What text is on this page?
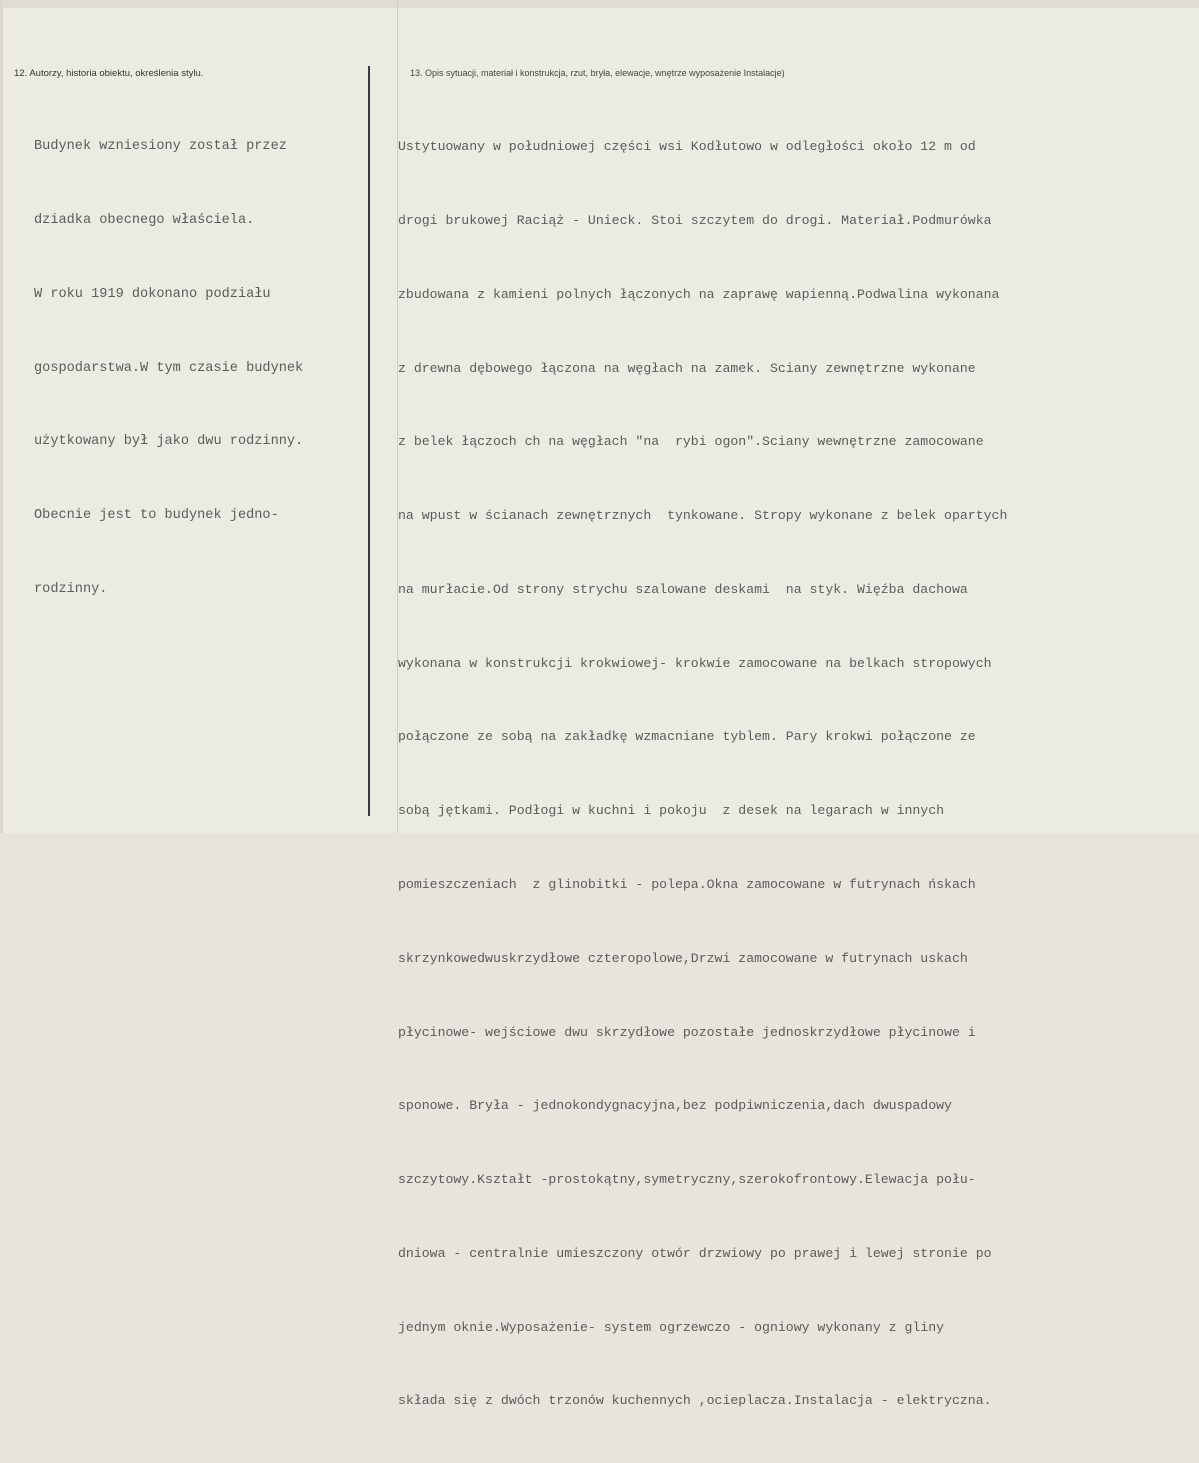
12. Autorzy, historia obiektu, określenia stylu.	13. Opis sytuacji, materiał i konstrukcja, rzut, bryła, elewacje, wnętrze wyposażenie Instalacje)

Budynek wzniesiony został przez

dziadka obecnego właściela.

W roku 1919 dokonano podziału

gospodarstwa.W tym czasie budynek

użytkowany był jako dwu rodzinny.

Obecnie jest to budynek jedno-

rodzinny.

Ustytuowany w południowej części wsi Kodłutowo w odległości około 12 m od

drogi brukowej Raciąż - Unieck. Stoi szczytem do drogi. Materiał.Podmurówka

zbudowana z kamieni polnych łączonych na zaprawę wapienną.Podwalina wykonana

z drewna dębowego łączona na węgłach na zamek. Sciany zewnętrzne wykonane

z belek łączoch ch na węgłach "na  rybi ogon".Sciany wewnętrzne zamocowane

na wpust w ścianach zewnętrznych  tynkowane. Stropy wykonane z belek opartych

na murłacie.Od strony strychu szalowane deskami  na styk. Więźba dachowa

wykonana w konstrukcji krokwiowej- krokwie zamocowane na belkach stropowych

połączone ze sobą na zakładkę wzmacniane tyblem. Pary krokwi połączone ze

sobą jętkami. Podłogi w kuchni i pokoju  z desek na legarach w innych

pomieszczeniach  z glinobitki - polepa.Okna zamocowane w futrynach ńskach

skrzynkowedwuskrzydłowe czteropolowe,Drzwi zamocowane w futrynach uskach

płycinowe- wejściowe dwu skrzydłowe pozostałe jednoskrzydłowe płycinowe i

sponowe. Bryła - jednokondygnacyjna,bez podpiwniczenia,dach dwuspadowy

szczytowy.Kształt -prostokątny,symetryczny,szerokofrontowy.Elewacja połu-

dniowa - centralnie umieszczony otwór drzwiowy po prawej i lewej stronie po

jednym oknie.Wyposażenie- system ogrzewczo - ogniowy wykonany z gliny

składa się z dwóch trzonów kuchennych ,ocieplacza.Instalacja - elektryczna.
